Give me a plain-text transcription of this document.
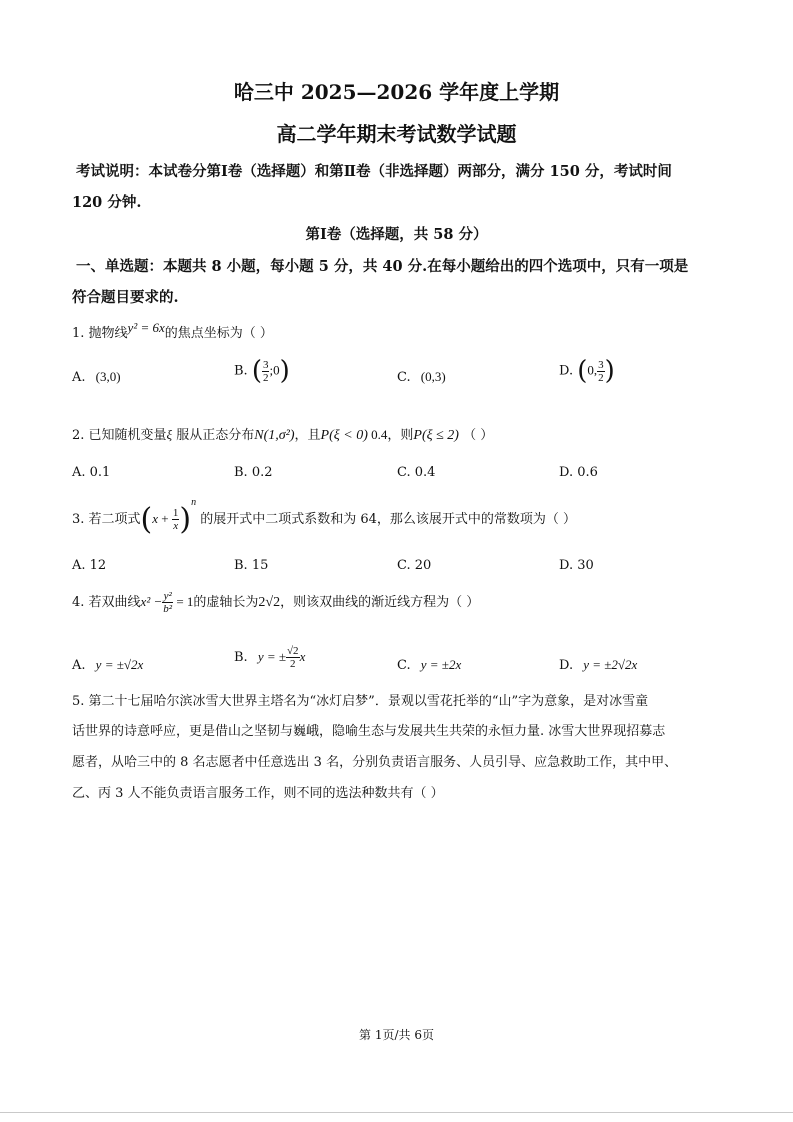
哈三中 2025—2026 学年度上学期
高二学年期末考试数学试题
考试说明：本试卷分第Ⅰ卷（选择题）和第Ⅱ卷（非选择题）两部分，满分 150 分，考试时间
120 分钟.
第Ⅰ卷（选择题，共 58 分）
一、单选题：本题共 8 小题，每小题 5 分，共 40 分.在每小题给出的四个选项中，只有一项是
符合题目要求的.
1. 抛物线y² = 6x的焦点坐标为（ ）
A. (3,0)	B. ( $\frac{3}{2}$ ;0)	C. (0,3)	D. (0, $\frac{3}{2}$ )
2. 已知随机变量ξ 服从正态分布N(1,σ²)，且P(ξ < 0) 0.4，则P(ξ ≤ 2) （ ）
A. 0.1	B. 0.2	C. 0.4	D. 0.6
3. 若二项式$(x + \frac{1}{x} )^n$ 的展开式中二项式系数和为 64，那么该展开式中的常数项为（ ）
A. 12	B. 15	C. 20	D. 30
4. 若双曲线$x^2 - \frac{\text{y²}}{\text{b²}} = 1$的虚轴长为2√2，则该双曲线的渐近线方程为（ ）
A. y = ±√2x	B. y = ± $\frac{√2}{2}$ x
C. y = ±2x	D. y = ±2√2x
5. 第二十七届哈尔滨冰雪大世界主塔名为“冰灯启梦”．景观以雪花托举的“山”字为意象，是对冰雪童
话世界的诗意呼应，更是借山之坚韧与巍峨，隐喻生态与发展共生共荣的永恒力量. 冰雪大世界现招募志
愿者，从哈三中的 8 名志愿者中任意选出 3 名，分别负责语言服务、人员引导、应急救助工作，其中甲、
乙、丙 3 人不能负责语言服务工作，则不同的选法种数共有（ ）
第 1页/共 6页
